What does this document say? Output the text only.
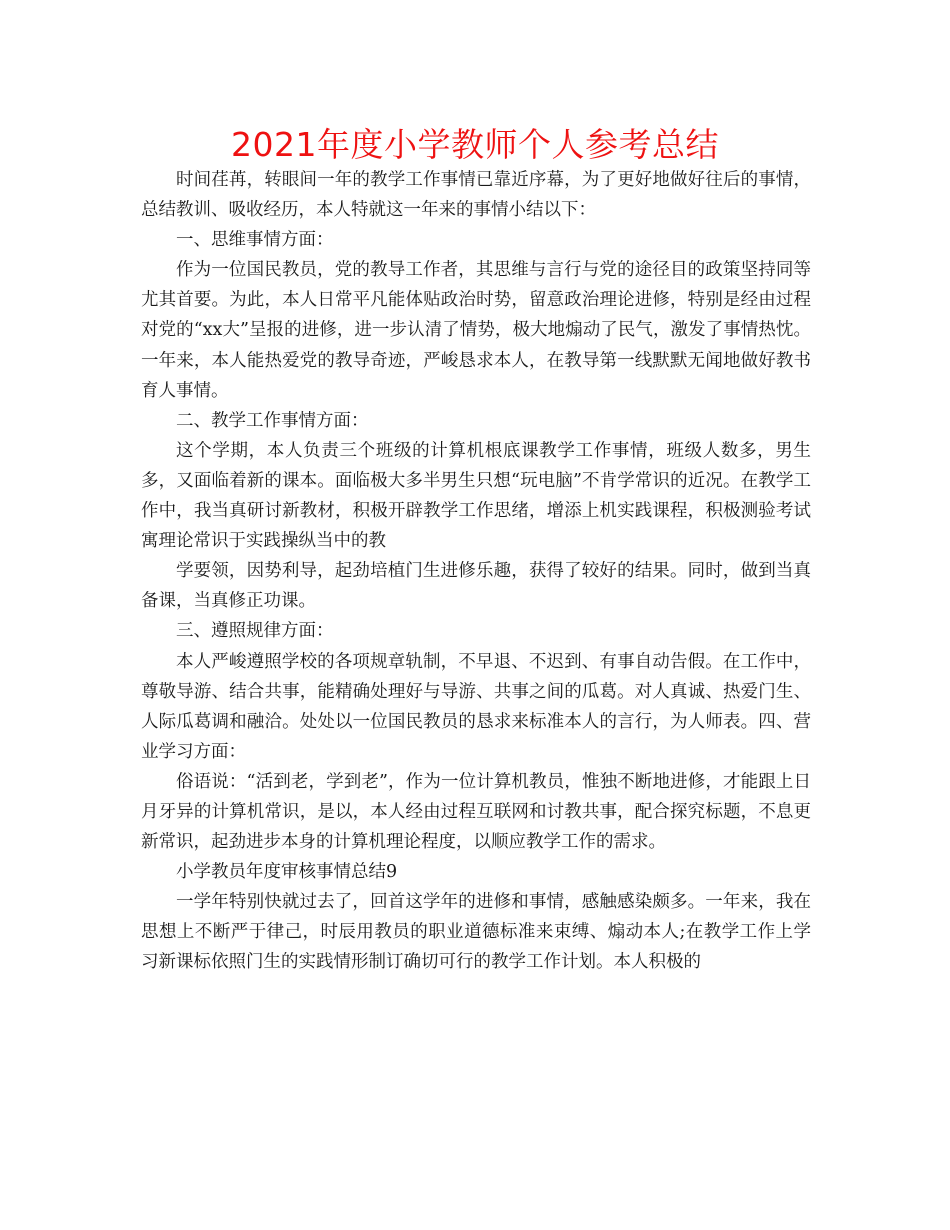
2021年度小学教师个人参考总结

时间荏苒，转眼间一年的教学工作事情已靠近序幕，为了更好地做好往后的事情，总结教训、吸收经历，本人特就这一年来的事情小结以下：

一、思维事情方面：

作为一位国民教员，党的教导工作者，其思维与言行与党的途径目的政策坚持同等尤其首要。为此，本人日常平凡能体贴政治时势，留意政治理论进修，特别是经由过程对党的“xx大”呈报的进修，进一步认清了情势，极大地煽动了民气，激发了事情热忱。一年来，本人能热爱党的教导奇迹，严峻恳求本人，在教导第一线默默无闻地做好教书育人事情。

二、教学工作事情方面：

这个学期，本人负责三个班级的计算机根底课教学工作事情，班级人数多，男生多，又面临着新的课本。面临极大多半男生只想“玩电脑”不肯学常识的近况。在教学工作中，我当真研讨新教材，积极开辟教学工作思绪，增添上机实践课程，积极测验考试寓理论常识于实践操纵当中的教

学要领，因势利导，起劲培植门生进修乐趣，获得了较好的结果。同时，做到当真备课，当真修正功课。

三、遵照规律方面：

本人严峻遵照学校的各项规章轨制，不早退、不迟到、有事自动告假。在工作中，尊敬导游、结合共事，能精确处理好与导游、共事之间的瓜葛。对人真诚、热爱门生、人际瓜葛调和融洽。处处以一位国民教员的恳求来标准本人的言行，为人师表。四、营业学习方面：

俗语说：“活到老，学到老”，作为一位计算机教员，惟独不断地进修，才能跟上日月牙异的计算机常识，是以，本人经由过程互联网和讨教共事，配合探究标题，不息更新常识，起劲进步本身的计算机理论程度，以顺应教学工作的需求。

小学教员年度审核事情总结9

一学年特别快就过去了，回首这学年的进修和事情，感触感染颇多。一年来，我在思想上不断严于律己，时辰用教员的职业道德标准来束缚、煽动本人;在教学工作上学习新课标依照门生的实践情形制订确切可行的教学工作计划。本人积极的
